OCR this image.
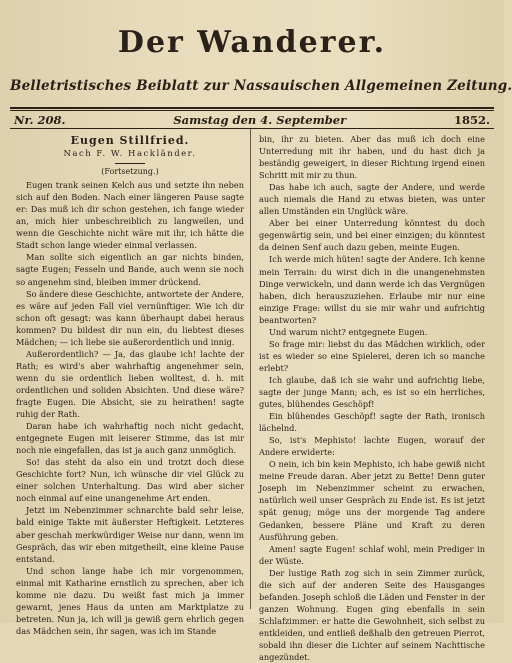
Der Wanderer.
Belletristisches Beiblatt zur Nassauischen Allgemeinen Zeitung.
Nr. 208.	Samstag den 4. September	1852.
Eugen Stillfried.
Nach F. W. Hackländer.
(Fortsetzung.)

Eugen trank seinen Kelch aus und setzte ihn neben sich auf den Boden. Nach einer längeren Pause sagte er: Das muß ich dir schon gestehen, ich fange wieder an, mich hier unbeschreiblich zu langweilen, und wenn die Geschichte nicht wäre mit ihr, ich hätte die Stadt schon lange wieder einmal verlassen.

Man sollte sich eigentlich an gar nichts binden, sagte Eugen; Fesseln und Bande, auch wenn sie noch so angenehm sind, bleiben immer drückend.

So ändere diese Geschichte, antwortete der Andere, es wäre auf jeden Fall viel vernünftiger. Wie ich dir schon oft gesagt: was kann überhaupt dabei heraus kommen? Du bildest dir nun ein, du liebtest dieses Mädchen; — ich liebe sie außerordentlich und innig.

Außerordentlich? — Ja, das glaube ich! lachte der Rath; es wird's aber wahrhaftig angenehmer sein, wenn du sie ordentlich lieben wolltest, d. h. mit ordentlichen und soliden Absichten. Und diese wäre? fragte Eugen. Die Absicht, sie zu heirathen! sagte ruhig der Rath.

Daran habe ich wahrhaftig noch nicht gedacht, entgegnete Eugen mit leiserer Stimme, das ist mir noch nie eingefallen, das ist ja auch ganz unmöglich.

So! das steht da also ein und trotzt doch diese Geschichte fort? Nun, ich wünsche dir viel Glück zu einer solchen Unterhaltung. Das wird aber sicher noch einmal auf eine unangenehme Art enden.

Jetzt im Nebenzimmer schnarchte bald sehr leise, bald einige Takte mit äußerster Heftigkeit. Letzteres aber geschah merkwürdiger Weise nur dann, wenn im Gespräch, das wir eben mitgetheilt, eine kleine Pause entstand.

Und schon lange habe ich mir vorgenommen, einmal mit Katharine ernstlich zu sprechen, aber ich komme nie dazu. Du weißt fast mich ja immer gewarnt, jenes Haus da unten am Marktplatze zu betreten. Nun ja, ich will ja gewiß gern ehrlich gegen das Mädchen sein, ihr sagen, was ich im Stande

bin, ihr zu bieten. Aber das muß ich doch eine Unterredung mit ihr haben, und du hast dich ja beständig geweigert, in dieser Richtung irgend einen Schritt mit mir zu thun.

Das habe ich auch, sagte der Andere, und werde auch niemals die Hand zu etwas bieten, was unter allen Umständen ein Unglück wäre.

Aber bei einer Unterredung könntest du doch gegenwärtig sein, und bei einer einzigen; du könntest da deinen Senf auch dazu geben, meinte Eugen.

Ich werde mich hüten! sagte der Andere. Ich kenne mein Terrain: du wirst dich in die unangenehmsten Dinge verwickeln, und dann werde ich das Vergnügen haben, dich herauszuziehen. Erlaube mir nur eine einzige Frage: willst du sie mir wahr und aufrichtig beantworten?

Und warum nicht? entgegnete Eugen.

So frage mir: liebst du das Mädchen wirklich, oder ist es wieder so eine Spielerei, deren ich so manche erlebt?

Ich glaube, daß ich sie wahr und aufrichtig liebe, sagte der junge Mann; ach, es ist so ein herrliches, gutes, blühendes Geschöpf!

Ein blühendes Geschöpf! sagte der Rath, ironisch lächelnd.

So, ist's Mephisto! lachte Eugen, worauf der Andere erwiderte:

O nein, ich bin kein Mephisto, ich habe gewiß nicht meine Freude daran. Aber jetzt zu Bette! Denn guter Joseph im Nebenzimmer scheint zu erwachen, natürlich weil unser Gespräch zu Ende ist. Es ist jetzt spät genug; möge uns der morgende Tag andere Gedanken, bessere Pläne und Kraft zu deren Ausführung geben.

Amen! sagte Eugen! schlaf wohl, mein Prediger in der Wüste.

Der lustige Rath zog sich in sein Zimmer zurück, die sich auf der anderen Seite des Hausganges befanden. Joseph schloß die Läden und Fenster in der ganzen Wohnung. Eugen ging ebenfalls in sein Schlafzimmer: er hatte die Gewohnheit, sich selbst zu entkleiden, und entließ deßhalb den getreuen Pierrot, sobald ihn dieser die Lichter auf seinem Nachttische angezündet.
